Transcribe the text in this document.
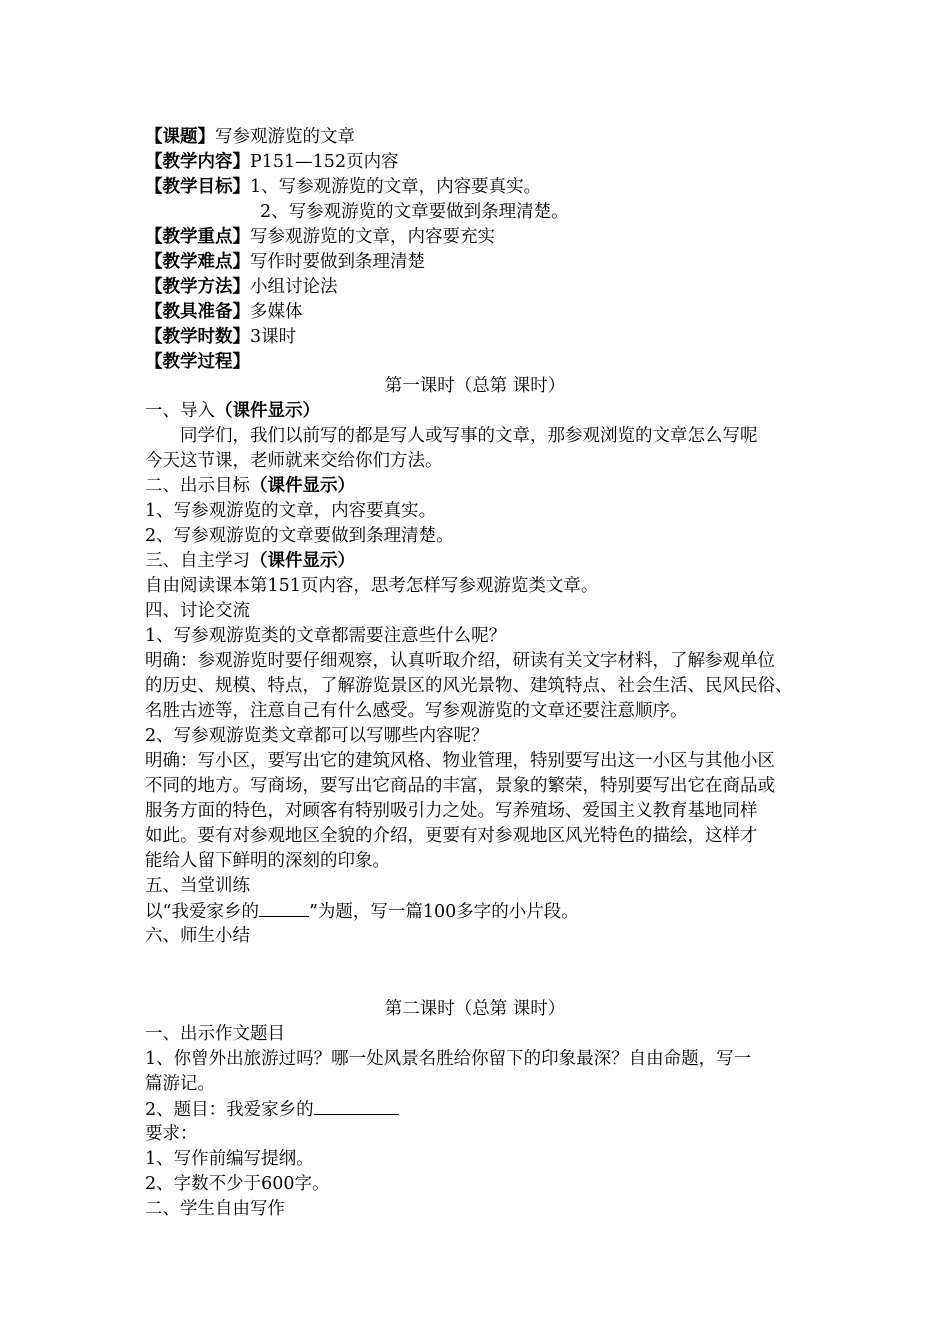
【课题】写参观游览的文章
【教学内容】P151—152页内容
【教学目标】1、写参观游览的文章，内容要真实。
2、写参观游览的文章要做到条理清楚。
【教学重点】写参观游览的文章，内容要充实
【教学难点】写作时要做到条理清楚
【教学方法】小组讨论法
【教具准备】多媒体
【教学时数】3课时
【教学过程】
第一课时（总第 课时）
一、导入（课件显示）
同学们，我们以前写的都是写人或写事的文章，那参观浏览的文章怎么写呢
今天这节课，老师就来交给你们方法。
二、出示目标（课件显示）
1、写参观游览的文章，内容要真实。
2、写参观游览的文章要做到条理清楚。
三、自主学习（课件显示）
自由阅读课本第151页内容，思考怎样写参观游览类文章。
四、讨论交流
1、写参观游览类的文章都需要注意些什么呢？
明确：参观游览时要仔细观察，认真听取介绍，研读有关文字材料，了解参观单位
的历史、规模、特点，了解游览景区的风光景物、建筑特点、社会生活、民风民俗、
名胜古迹等，注意自己有什么感受。写参观游览的文章还要注意顺序。
2、写参观游览类文章都可以写哪些内容呢？
明确：写小区，要写出它的建筑风格、物业管理，特别要写出这一小区与其他小区
不同的地方。写商场，要写出它商品的丰富，景象的繁荣，特别要写出它在商品或
服务方面的特色，对顾客有特别吸引力之处。写养殖场、爱国主义教育基地同样
如此。要有对参观地区全貌的介绍，更要有对参观地区风光特色的描绘，这样才
能给人留下鲜明的深刻的印象。
五、当堂训练
以“我爱家乡的	”为题，写一篇100多字的小片段。
六、师生小结
第二课时（总第 课时）
一、出示作文题目
1、你曾外出旅游过吗？哪一处风景名胜给你留下的印象最深？自由命题，写一
篇游记。
2、题目：我爱家乡的
要求：
1、写作前编写提纲。
2、字数不少于600字。
二、学生自由写作
